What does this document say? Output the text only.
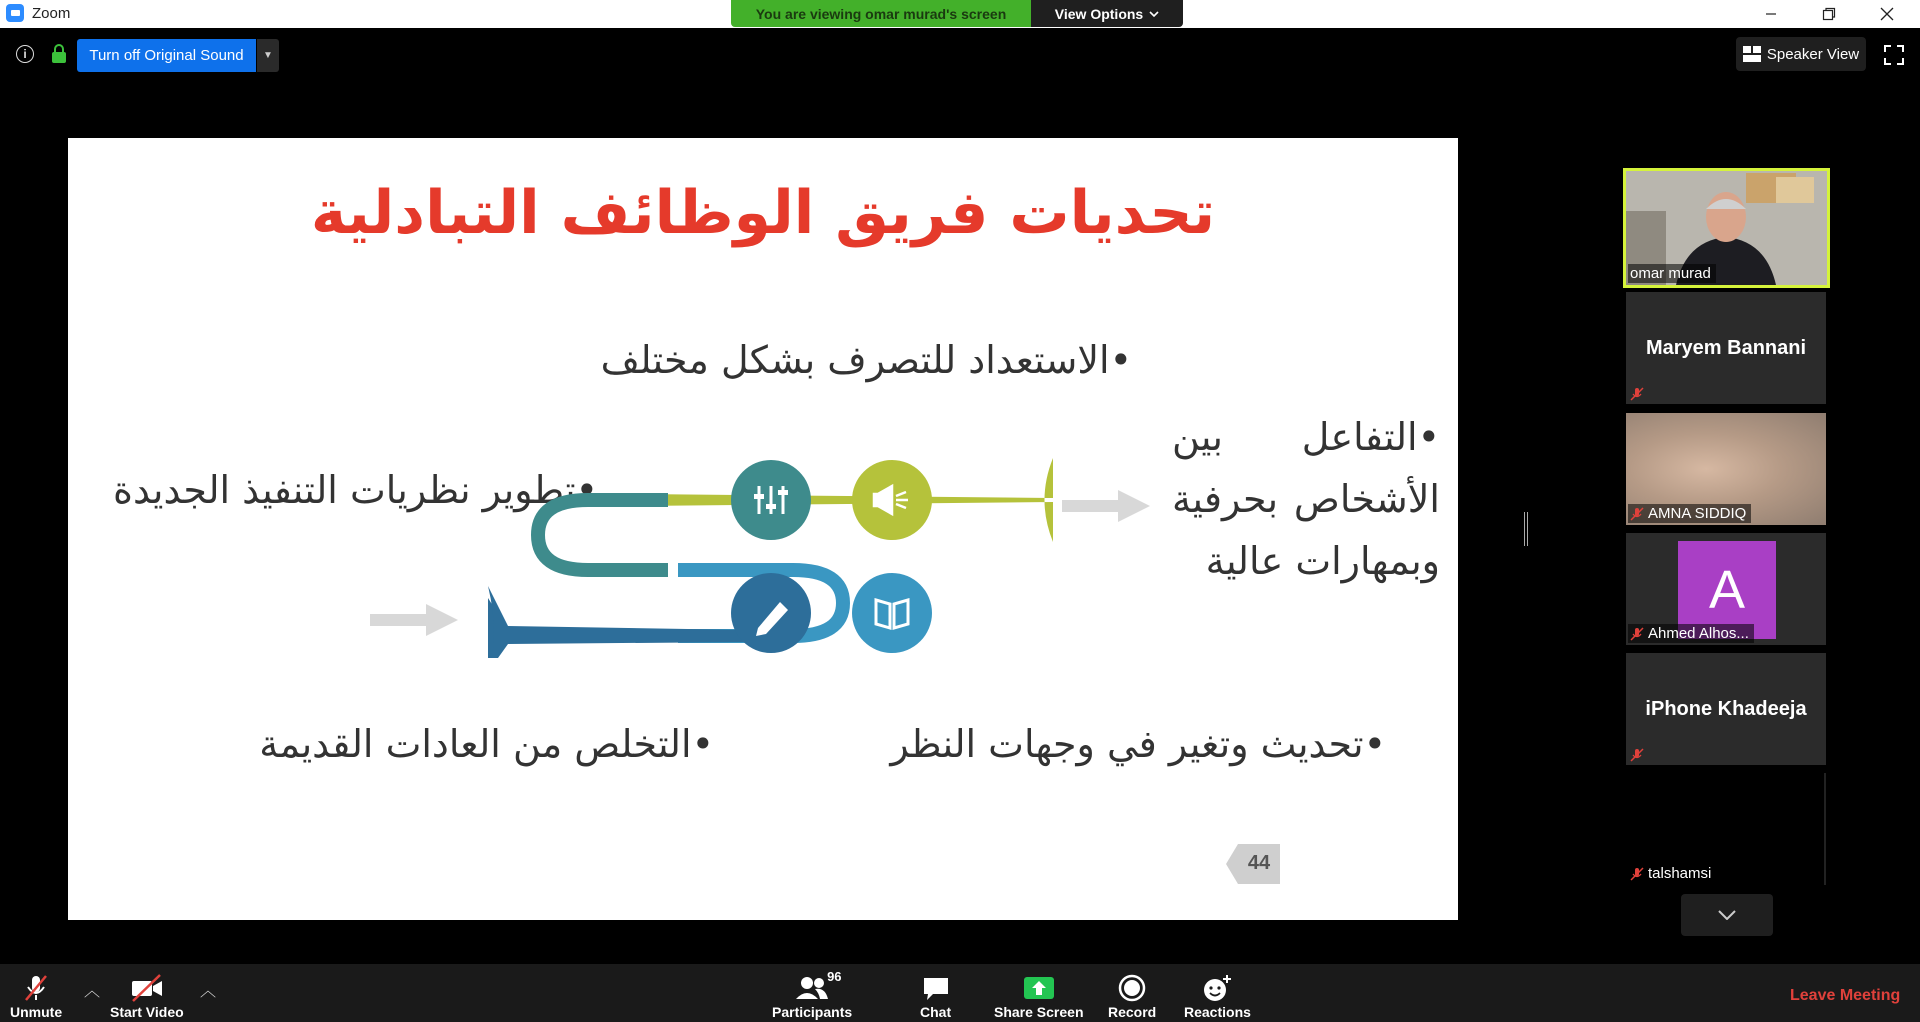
Zoom	You are viewing omar murad's screen	View Options
i	Turn off Original Sound	▼	Speaker View
تحديات فريق الوظائف التبادلية
•الاستعداد للتصرف بشكل مختلف
•تطوير نظريات التنفيذ الجديدة
•التفاعل بين الأشخاص بحرفية وبمهارات عالية
•تحديث وتغير في وجهات النظر
•التخلص من العادات القديمة
44
omar murad
Maryem Bannani
AMNA SIDDIQ
A
Ahmed Alhos...
iPhone Khadeeja
talshamsi
Unmute
︿
Start Video
︿
96
Participants	Chat	Share Screen Record Reactions
Leave Meeting
